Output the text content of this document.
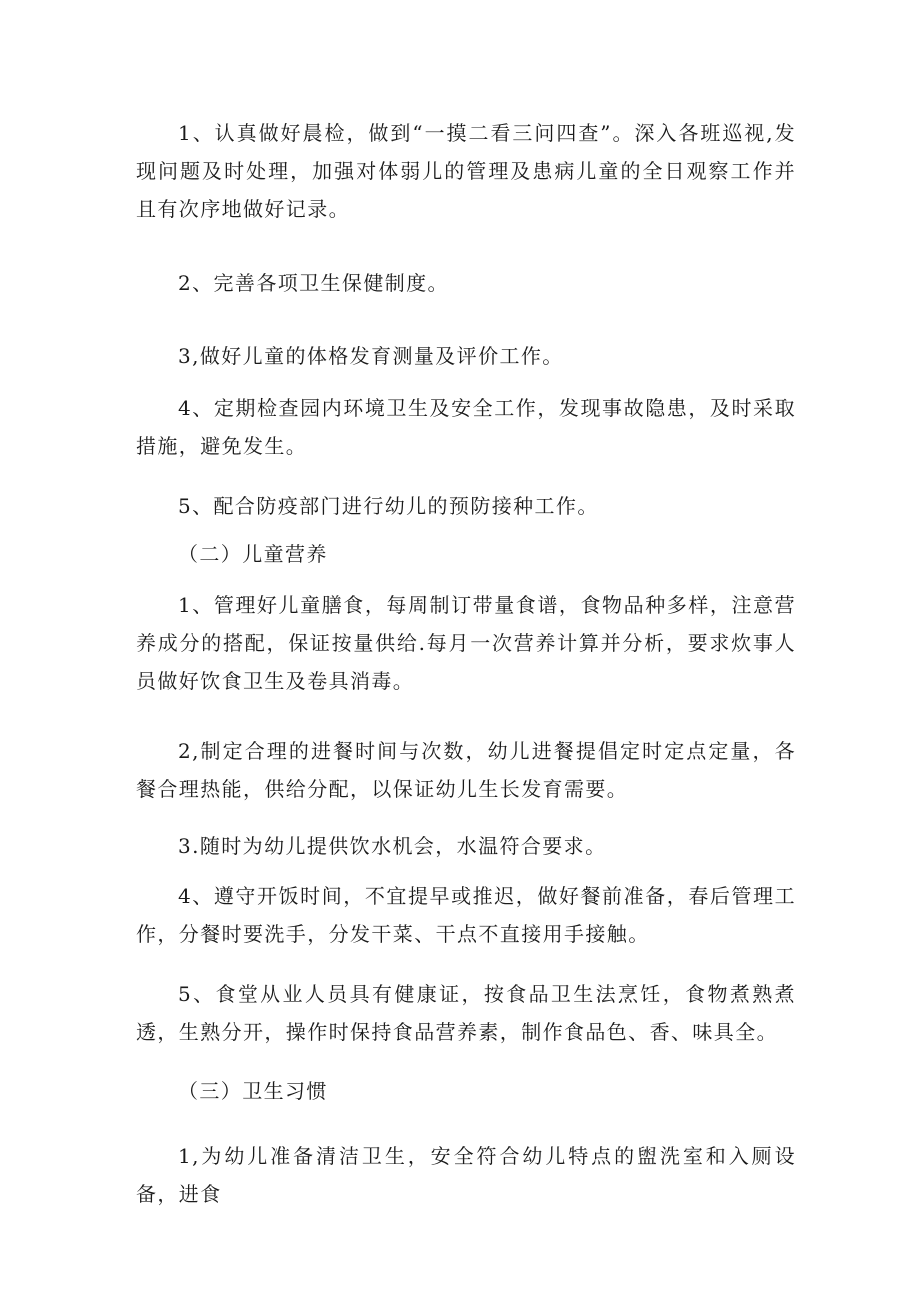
1、认真做好晨检，做到“一摸二看三问四查”。深入各班巡视,发现问题及时处理，加强对体弱儿的管理及患病儿童的全日观察工作并且有次序地做好记录。

2、完善各项卫生保健制度。

3,做好儿童的体格发育测量及评价工作。

4、定期检查园内环境卫生及安全工作，发现事故隐患，及时采取措施，避免发生。

5、配合防疫部门进行幼儿的预防接种工作。

（二）儿童营养

1、管理好儿童膳食，每周制订带量食谱，食物品种多样，注意营养成分的搭配，保证按量供给.每月一次营养计算并分析，要求炊事人员做好饮食卫生及卷具消毒。

2,制定合理的进餐时间与次数，幼儿进餐提倡定时定点定量，各餐合理热能，供给分配，以保证幼儿生长发育需要。

3.随时为幼儿提供饮水机会，水温符合要求。

4、遵守开饭时间，不宜提早或推迟，做好餐前准备，春后管理工作，分餐时要洗手，分发干菜、干点不直接用手接触。

5、食堂从业人员具有健康证，按食品卫生法烹饪，食物煮熟煮透，生熟分开，操作时保持食品营养素，制作食品色、香、味具全。

（三）卫生习惯

1,为幼儿准备清洁卫生，安全符合幼儿特点的盥洗室和入厕设备，进食
